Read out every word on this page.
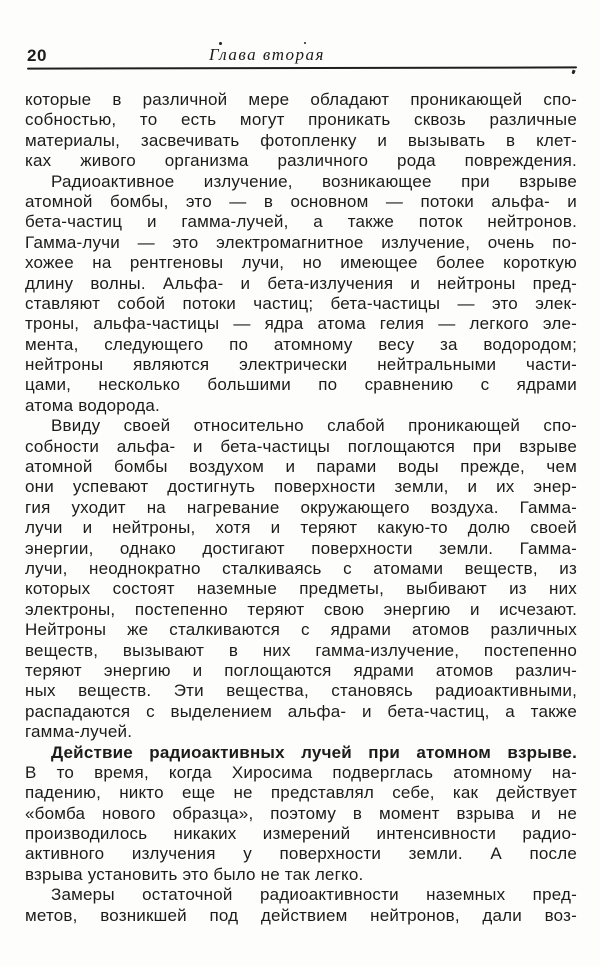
20	Глава вторая
которые в различной мере обладают проникающей спо-
собностью, то есть могут проникать сквозь различные
материалы, засвечивать фотопленку и вызывать в клет-
ках живого организма различного рода повреждения.
Радиоактивное излучение, возникающее при взрыве
атомной бомбы, это — в основном — потоки альфа- и
бета-частиц и гамма-лучей, а также поток нейтронов.
Гамма-лучи — это электромагнитное излучение, очень по-
хожее на рентгеновы лучи, но имеющее более короткую
длину волны. Альфа- и бета-излучения и нейтроны пред-
ставляют собой потоки частиц; бета-частицы — это элек-
троны, альфа-частицы — ядра атома гелия — легкого эле-
мента, следующего по атомному весу за водородом;
нейтроны являются электрически нейтральными части-
цами, несколько большими по сравнению с ядрами
атома водорода.
Ввиду своей относительно слабой проникающей спо-
собности альфа- и бета-частицы поглощаются при взрыве
атомной бомбы воздухом и парами воды прежде, чем
они успевают достигнуть поверхности земли, и их энер-
гия уходит на нагревание окружающего воздуха. Гамма-
лучи и нейтроны, хотя и теряют какую-то долю своей
энергии, однако достигают поверхности земли. Гамма-
лучи, неоднократно сталкиваясь с атомами веществ, из
которых состоят наземные предметы, выбивают из них
электроны, постепенно теряют свою энергию и исчезают.
Нейтроны же сталкиваются с ядрами атомов различных
веществ, вызывают в них гамма-излучение, постепенно
теряют энергию и поглощаются ядрами атомов различ-
ных веществ. Эти вещества, становясь радиоактивными,
распадаются с выделением альфа- и бета-частиц, а также
гамма-лучей.
Действие радиоактивных лучей при атомном взрыве.
В то время, когда Хиросима подверглась атомному на-
падению, никто еще не представлял себе, как действует
«бомба нового образца», поэтому в момент взрыва и не
производилось никаких измерений интенсивности радио-
активного излучения у поверхности земли. А после
взрыва установить это было не так легко.
Замеры остаточной радиоактивности наземных пред-
метов, возникшей под действием нейтронов, дали воз-
